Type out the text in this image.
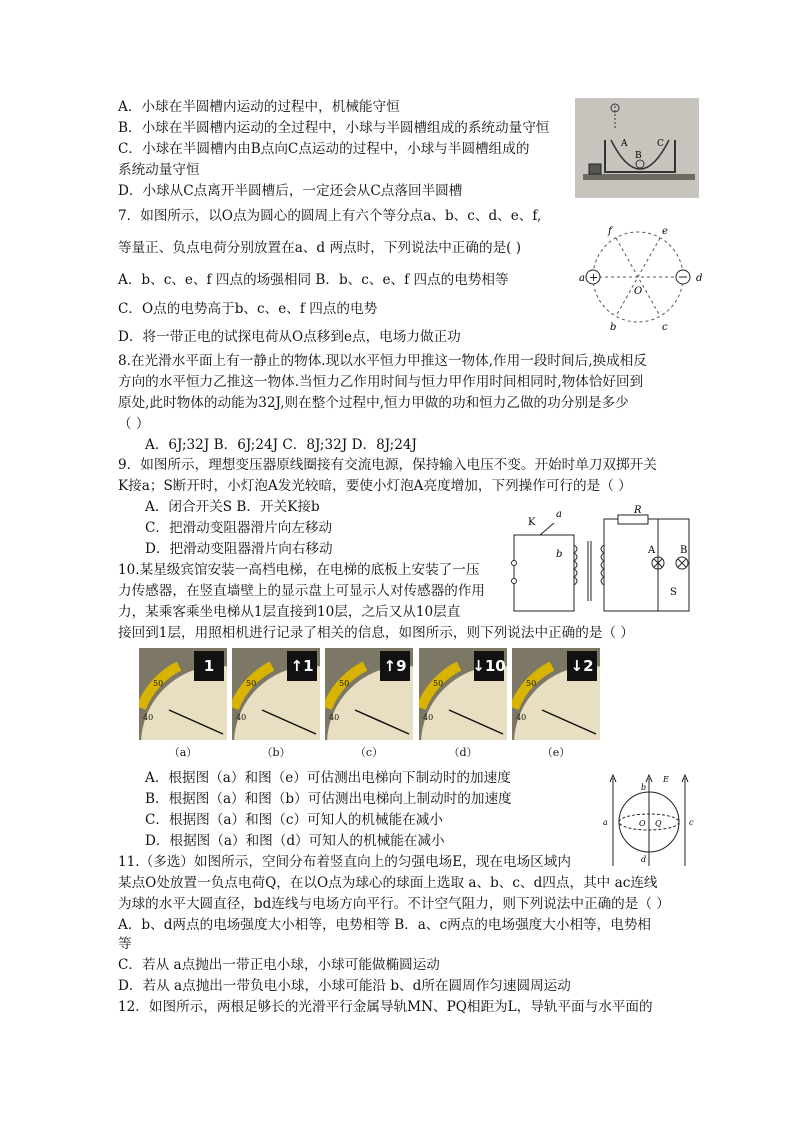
A．小球在半圆槽内运动的过程中，机械能守恒
B．小球在半圆槽内运动的全过程中，小球与半圆槽组成的系统动量守恒
C．小球在半圆槽内由B点向C点运动的过程中，小球与半圆槽组成的
系统动量守恒
D．小球从C点离开半圆槽后，一定还会从C点落回半圆槽
A
B
C
7．如图所示，以O点为圆心的圆周上有六个等分点a、b、c、d、e、f,
等量正、负点电荷分别放置在a、d 两点时，下列说法中正确的是( )
A．b、c、e、f 四点的场强相同 B．b、c、e、f 四点的电势相等
C．O点的电势高于b、c、e、f 四点的电势
D．将一带正电的试探电荷从O点移到e点，电场力做正功
+
a	d
b	c
e
f
O
8.在光滑水平面上有一静止的物体.现以水平恒力甲推这一物体,作用一段时间后,换成相反
方向的水平恒力乙推这一物体.当恒力乙作用时间与恒力甲作用时间相同时,物体恰好回到
原处,此时物体的动能为32J,则在整个过程中,恒力甲做的功和恒力乙做的功分别是多少
（ ）
A．6J;32J B．6J;24J C．8J;32J D．8J;24J
9．如图所示，理想变压器原线圈接有交流电源，保持输入电压不变。开始时单刀双掷开关
K接a；S断开时，小灯泡A发光较暗，要使小灯泡A亮度增加，下列操作可行的是（ ）
A．闭合开关S B．开关K接b
C．把滑动变阻器滑片向左移动
D．把滑动变阻器滑片向右移动
K
a
b
R
A B
S
10.某星级宾馆安装一高档电梯，在电梯的底板上安装了一压
力传感器，在竖直墙壁上的显示盘上可显示人对传感器的作用
力，某乘客乘坐电梯从1层直接到10层，之后又从10层直
接回到1层，用照相机进行记录了相关的信息，如图所示，则下列说法中正确的是（ ）
50
40
1
（a）
50
40
↑ 1
（b）
50
40
↑ 9
（c）
50
40
↓ 10
（d）
50
40
↓ 2
（e）
A．根据图（a）和图（e）可估测出电梯向下制动时的加速度
B．根据图（a）和图（b）可估测出电梯向上制动时的加速度
C．根据图（a）和图（c）可知人的机械能在减小
D．根据图（a）和图（d）可知人的机械能在减小
E
a
b
c
d
O Q
11.（多选）如图所示，空间分布着竖直向上的匀强电场E，现在电场区域内
某点O处放置一负点电荷Q，在以O点为球心的球面上选取 a、b、c、d四点，其中 ac连线
为球的水平大圆直径，bd连线与电场方向平行。不计空气阻力，则下列说法中正确的是（ ）
A．b、d两点的电场强度大小相等，电势相等 B．a、c两点的电场强度大小相等，电势相
等
C．若从 a点抛出一带正电小球，小球可能做椭圆运动
D．若从 a点抛出一带负电小球，小球可能沿 b、d所在圆周作匀速圆周运动
12．如图所示，两根足够长的光滑平行金属导轨MN、PQ相距为L，导轨平面与水平面的
